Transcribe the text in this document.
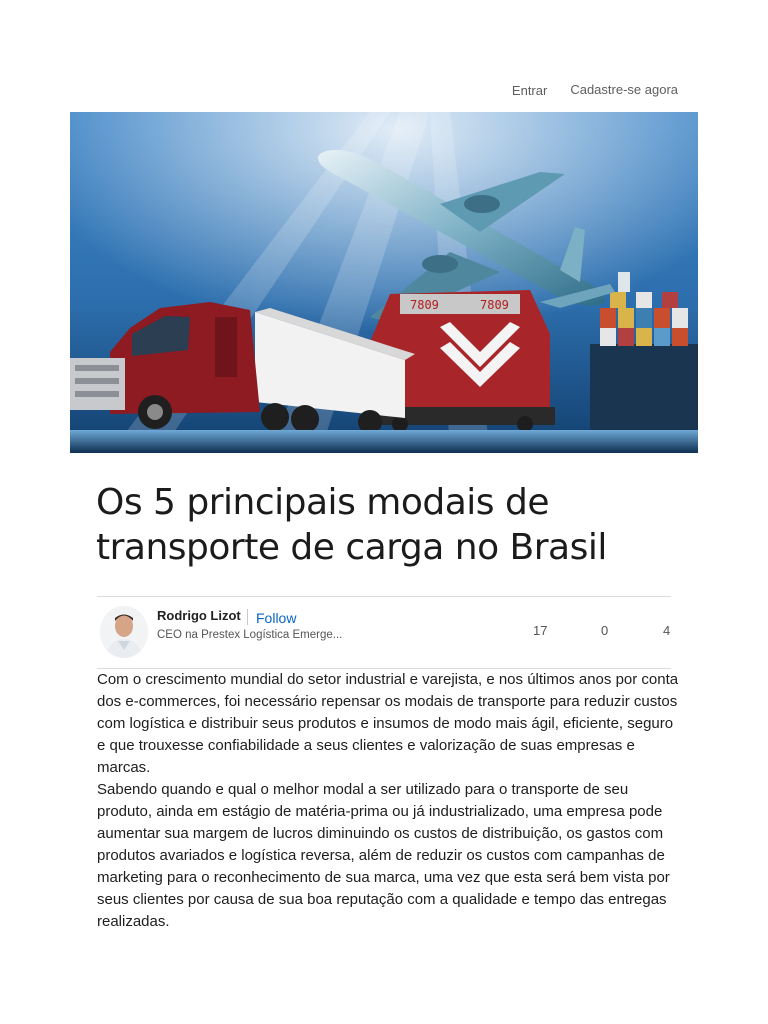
Entrar Cadastre-se agora
7809	7809
Os 5 principais modais de transporte de carga no Brasil
Rodrigo Lizot Follow
CEO na Prestex Logística Emerge...	17	0	4

Com o crescimento mundial do setor industrial e varejista, e nos últimos anos por conta dos e-commerces, foi necessário repensar os modais de transporte para reduzir custos com logística e distribuir seus produtos e insumos de modo mais ágil, eficiente, seguro e que trouxesse confiabilidade a seus clientes e valorização de suas empresas e marcas.

Sabendo quando e qual o melhor modal a ser utilizado para o transporte de seu produto, ainda em estágio de matéria-prima ou já industrializado, uma empresa pode aumentar sua margem de lucros diminuindo os custos de distribuição, os gastos com produtos avariados e logística reversa, além de reduzir os custos com campanhas de marketing para o reconhecimento de sua marca, uma vez que esta será bem vista por seus clientes por causa de sua boa reputação com a qualidade e tempo das entregas realizadas.
